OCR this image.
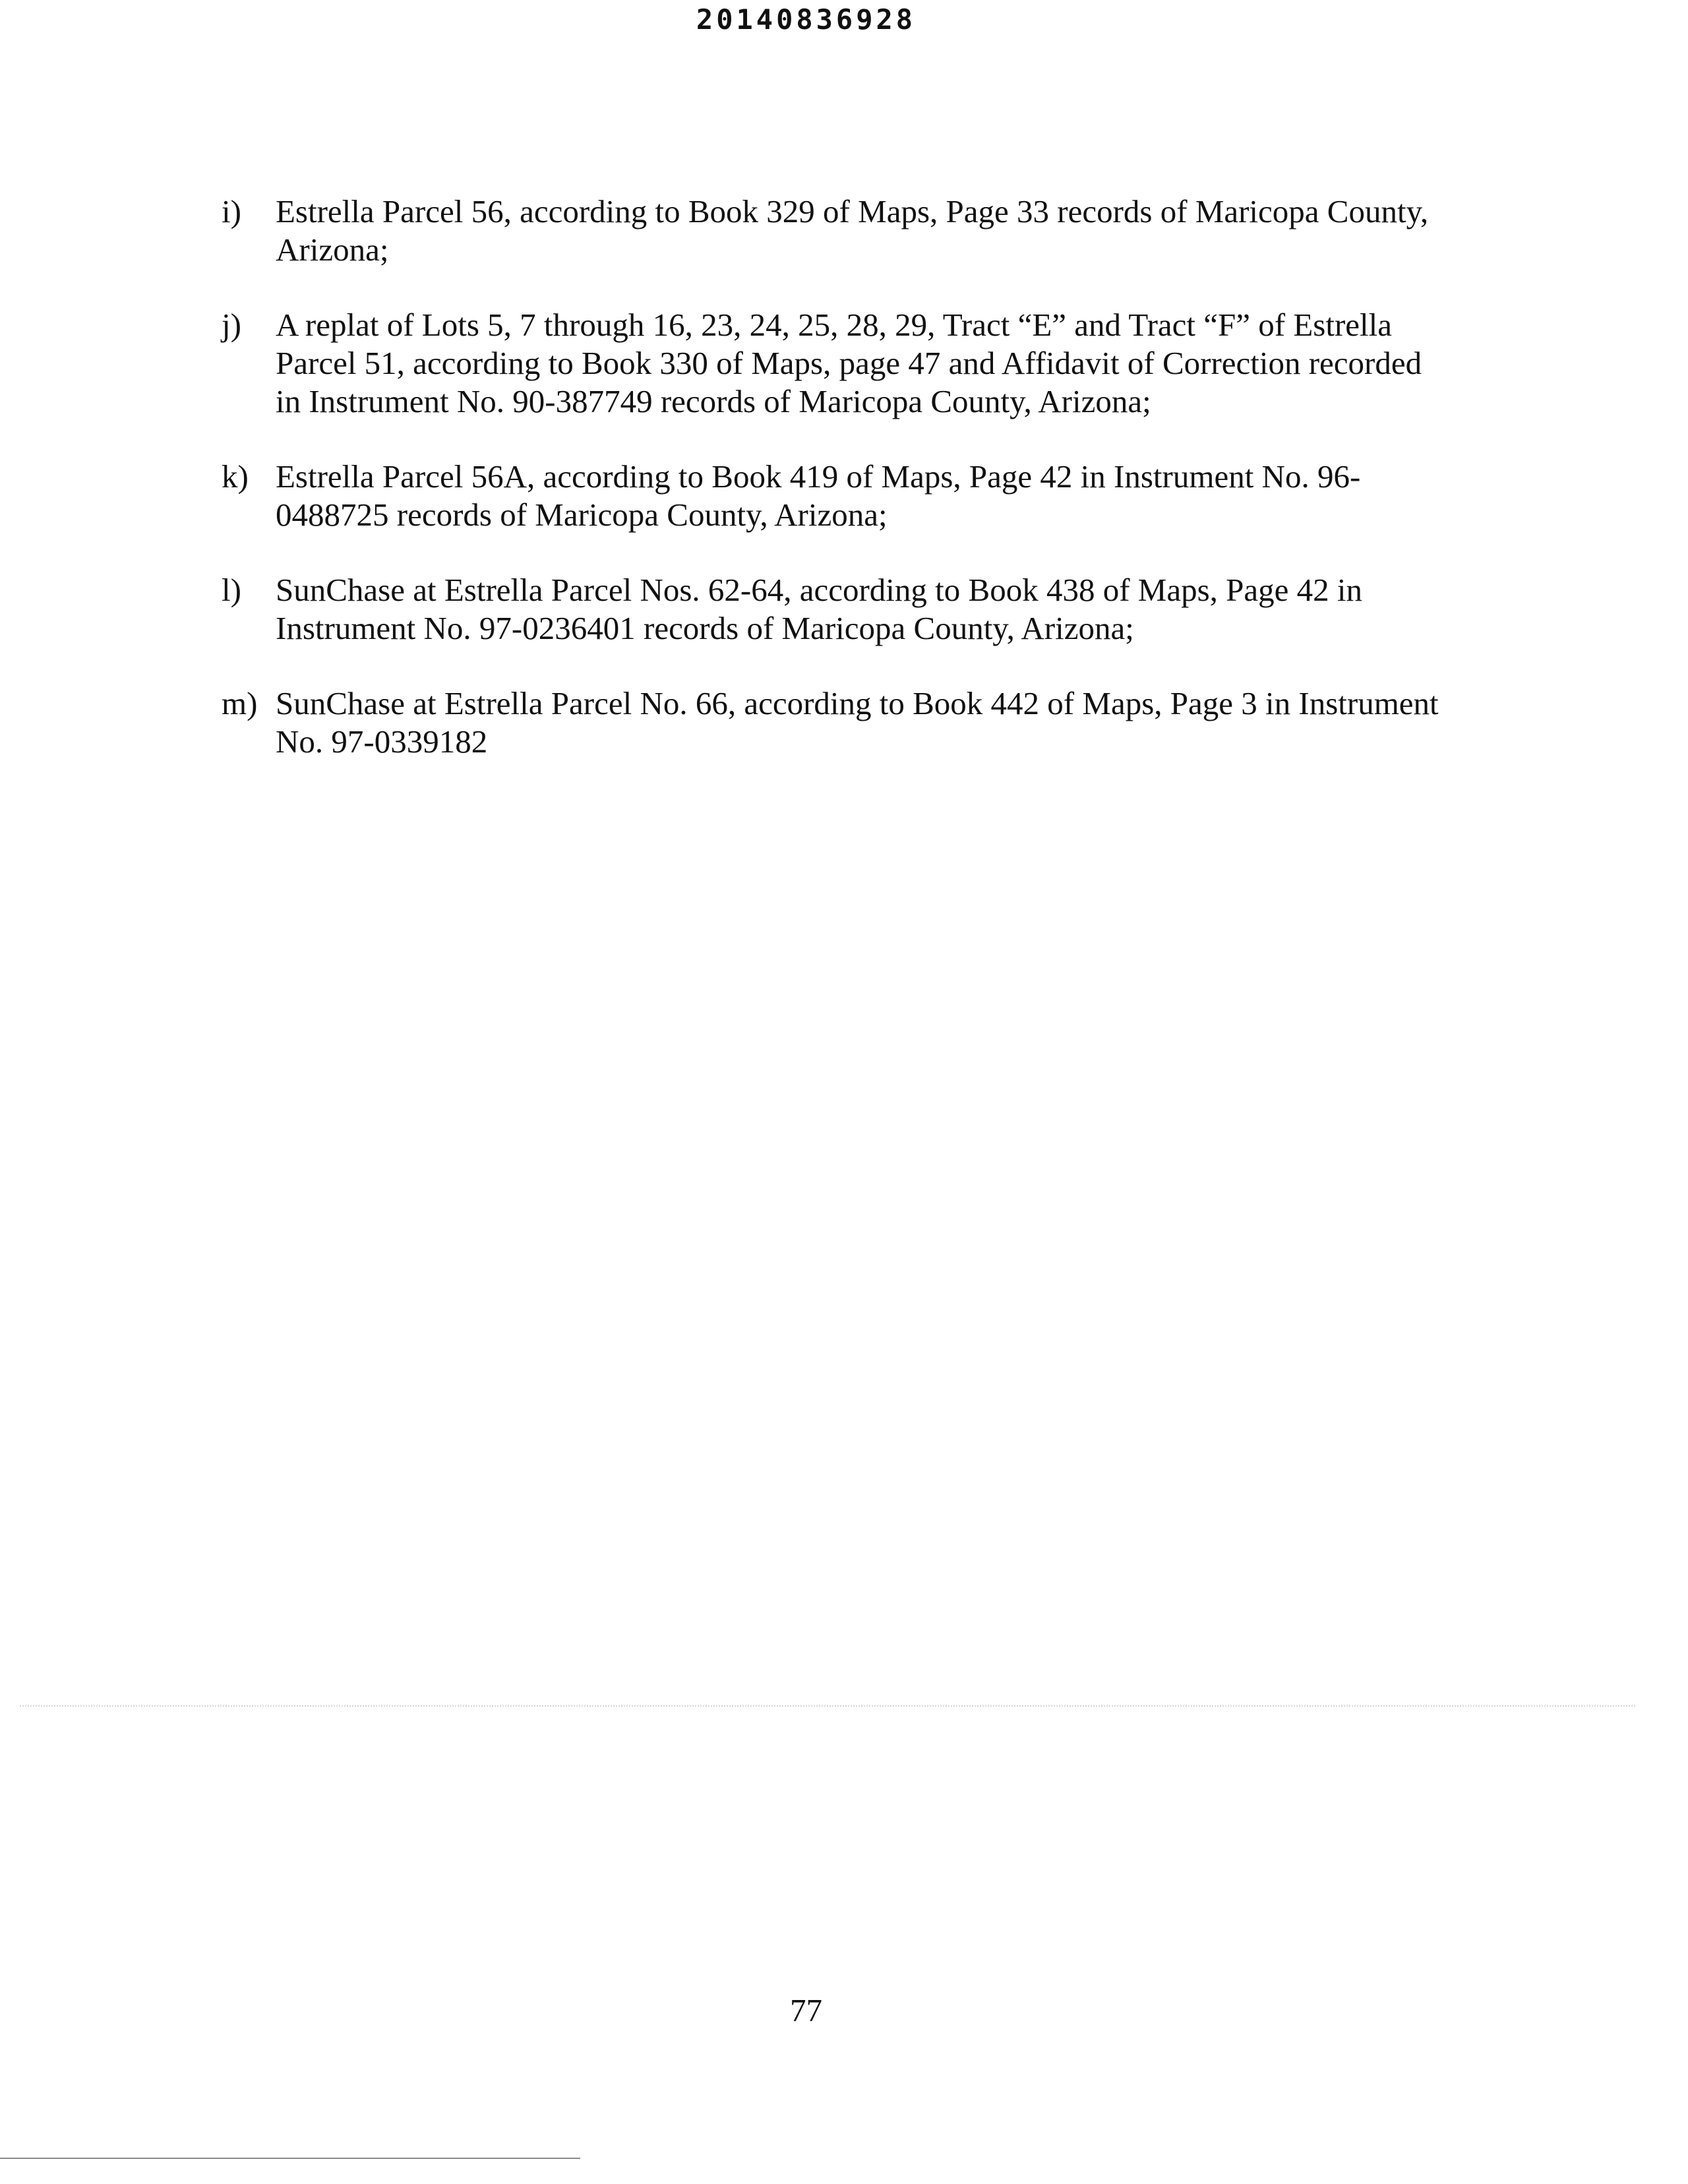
20140836928
i)	Estrella Parcel 56, according to Book 329 of Maps, Page 33 records of Maricopa County,
Arizona;
j)	A replat of Lots 5, 7 through 16, 23, 24, 25, 28, 29, Tract “E” and Tract “F” of Estrella
Parcel 51, according to Book 330 of Maps, page 47 and Affidavit of Correction recorded
in Instrument No. 90-387749 records of Maricopa County, Arizona;
k) Estrella Parcel 56A, according to Book 419 of Maps, Page 42 in Instrument No. 96-
0488725 records of Maricopa County, Arizona;
l)	SunChase at Estrella Parcel Nos. 62-64, according to Book 438 of Maps, Page 42 in
Instrument No. 97-0236401 records of Maricopa County, Arizona;
m) SunChase at Estrella Parcel No. 66, according to Book 442 of Maps, Page 3 in Instrument
No. 97-0339182
77
